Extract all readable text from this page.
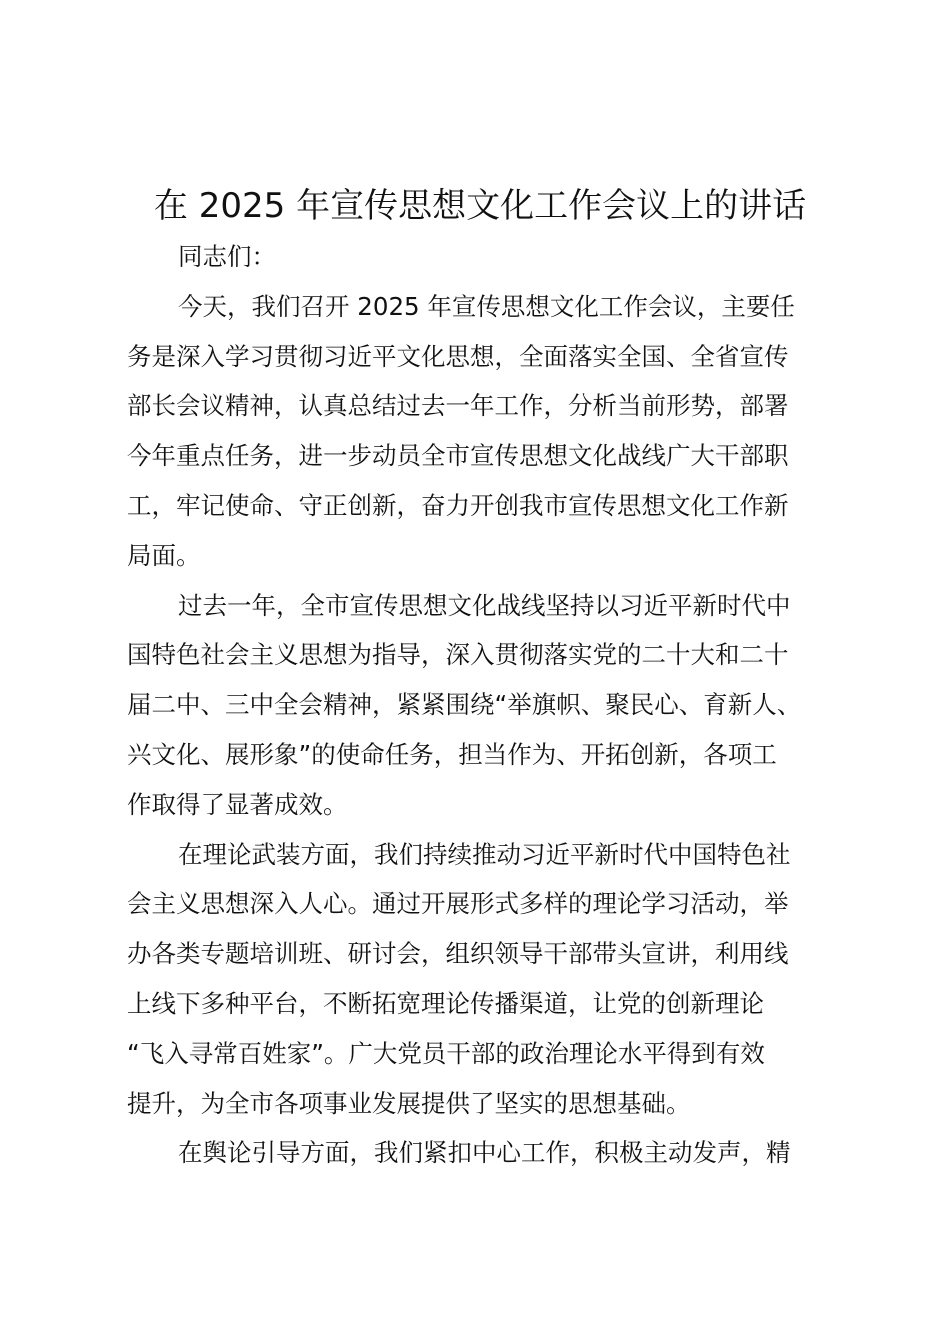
在 2025 年宣传思想文化工作会议上的讲话
同志们：
今天，我们召开 2025 年宣传思想文化工作会议，主要任
务是深入学习贯彻习近平文化思想，全面落实全国、全省宣传
部长会议精神，认真总结过去一年工作，分析当前形势，部署
今年重点任务，进一步动员全市宣传思想文化战线广大干部职
工，牢记使命、守正创新，奋力开创我市宣传思想文化工作新
局面。
过去一年，全市宣传思想文化战线坚持以习近平新时代中
国特色社会主义思想为指导，深入贯彻落实党的二十大和二十
届二中、三中全会精神，紧紧围绕“举旗帜、聚民心、育新人、
兴文化、展形象”的使命任务，担当作为、开拓创新，各项工
作取得了显著成效。
在理论武装方面，我们持续推动习近平新时代中国特色社
会主义思想深入人心。通过开展形式多样的理论学习活动，举
办各类专题培训班、研讨会，组织领导干部带头宣讲，利用线
上线下多种平台，不断拓宽理论传播渠道，让党的创新理论
“飞入寻常百姓家”。广大党员干部的政治理论水平得到有效
提升，为全市各项事业发展提供了坚实的思想基础。
在舆论引导方面，我们紧扣中心工作，积极主动发声，精
